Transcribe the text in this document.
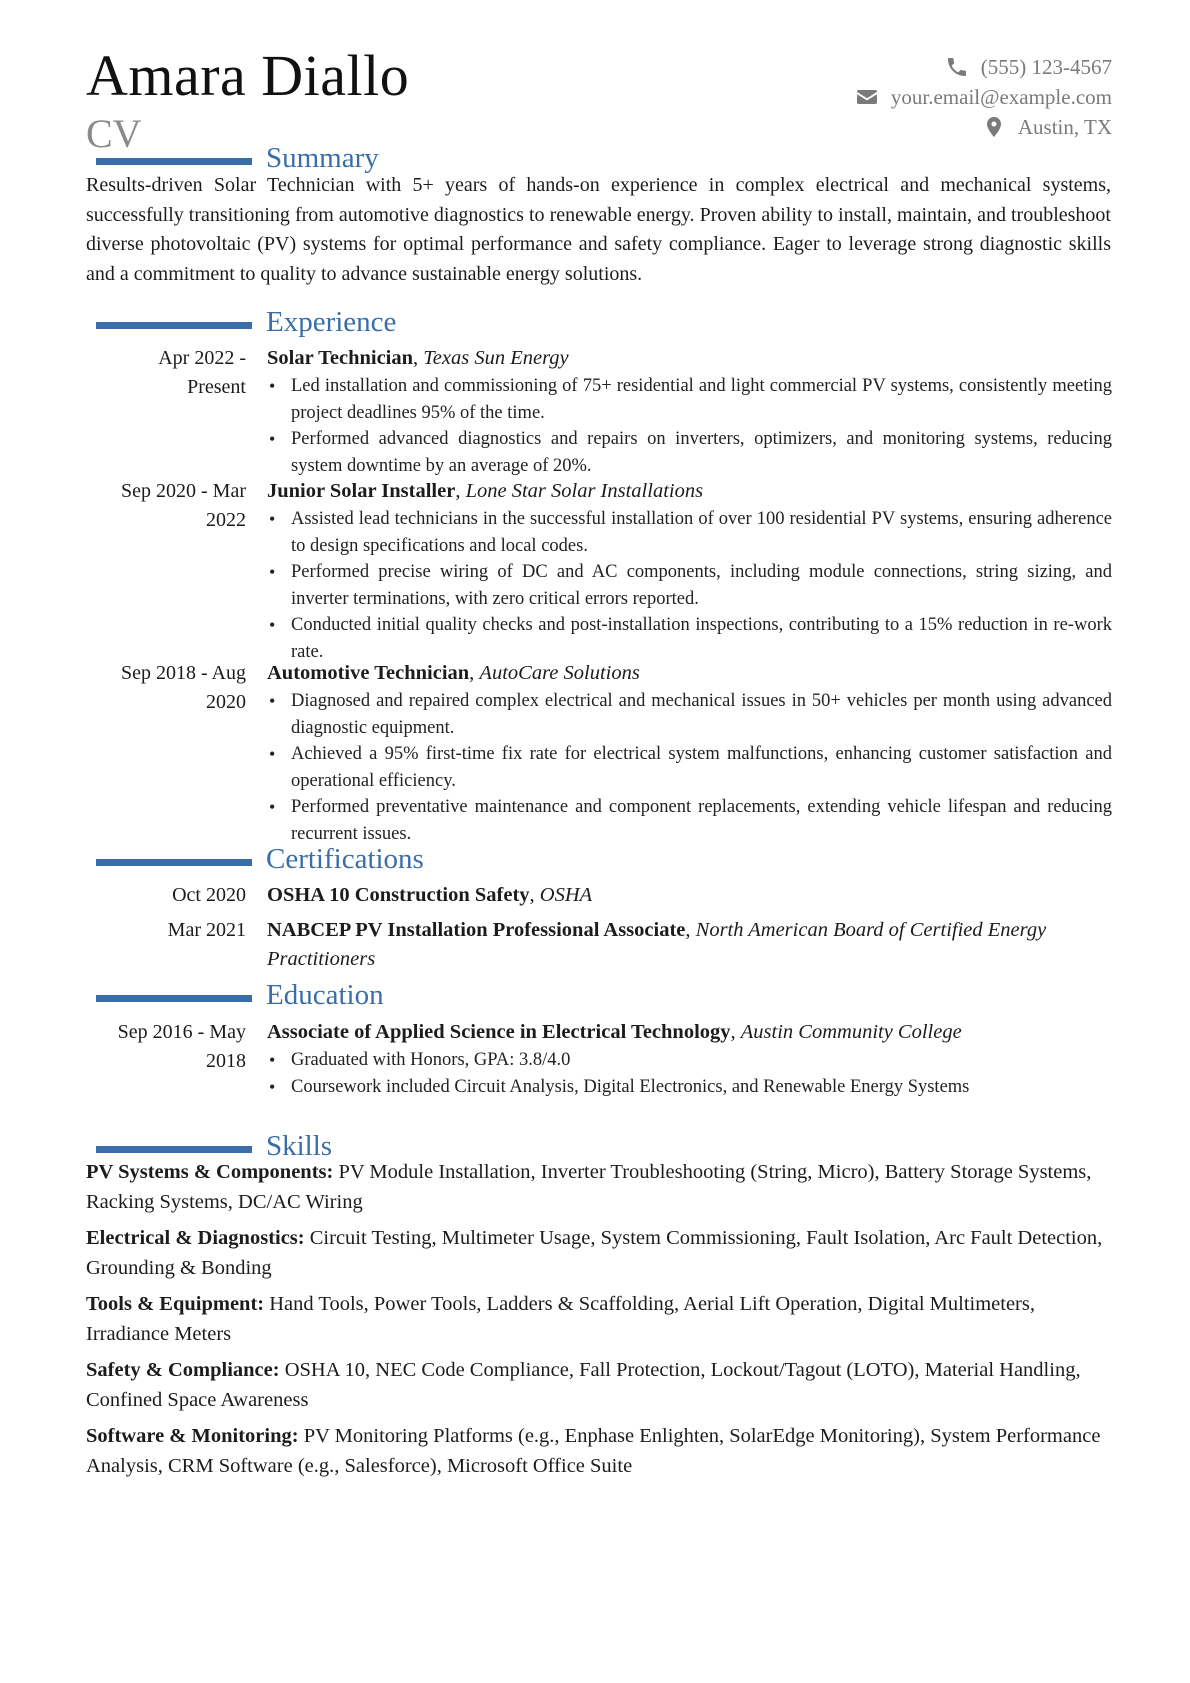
Amara Diallo
CV
(555) 123-4567
your.email@example.com
Austin, TX
Summary
Results-driven Solar Technician with 5+ years of hands-on experience in complex electrical and mechanical systems, successfully transitioning from automotive diagnostics to renewable energy. Proven ability to install, maintain, and troubleshoot diverse photovoltaic (PV) systems for optimal performance and safety compliance. Eager to leverage strong diagnostic skills and a commitment to quality to advance sustainable energy solutions.
Experience
Apr 2022 -
Present
Solar Technician, Texas Sun Energy
• Led installation and commissioning of 75+ residential and light commercial PV systems, consistently meeting project deadlines 95% of the time.
• Performed advanced diagnostics and repairs on inverters, optimizers, and monitoring systems, reducing system downtime by an average of 20%.
Sep 2020 - Mar
2022
Junior Solar Installer, Lone Star Solar Installations
• Assisted lead technicians in the successful installation of over 100 residential PV systems, ensuring adherence to design specifications and local codes.
• Performed precise wiring of DC and AC components, including module connections, string sizing, and inverter terminations, with zero critical errors reported.
• Conducted initial quality checks and post-installation inspections, contributing to a 15% reduction in re-work rate.
Sep 2018 - Aug
2020
Automotive Technician, AutoCare Solutions
• Diagnosed and repaired complex electrical and mechanical issues in 50+ vehicles per month using advanced diagnostic equipment.
• Achieved a 95% first-time fix rate for electrical system malfunctions, enhancing customer satisfaction and operational efficiency.
• Performed preventative maintenance and component replacements, extending vehicle lifespan and reducing recurrent issues.
Certifications
Oct 2020 OSHA 10 Construction Safety, OSHA
Mar 2021 NABCEP PV Installation Professional Associate, North American Board of Certified Energy Practitioners
Education
Sep 2016 - May
2018
Associate of Applied Science in Electrical Technology, Austin Community College
• Graduated with Honors, GPA: 3.8/4.0
• Coursework included Circuit Analysis, Digital Electronics, and Renewable Energy Systems
Skills
PV Systems & Components: PV Module Installation, Inverter Troubleshooting (String, Micro), Battery Storage Systems, Racking Systems, DC/AC Wiring
Electrical & Diagnostics: Circuit Testing, Multimeter Usage, System Commissioning, Fault Isolation, Arc Fault Detection, Grounding & Bonding
Tools & Equipment: Hand Tools, Power Tools, Ladders & Scaffolding, Aerial Lift Operation, Digital Multimeters, Irradiance Meters
Safety & Compliance: OSHA 10, NEC Code Compliance, Fall Protection, Lockout/Tagout (LOTO), Material Handling, Confined Space Awareness
Software & Monitoring: PV Monitoring Platforms (e.g., Enphase Enlighten, SolarEdge Monitoring), System Performance Analysis, CRM Software (e.g., Salesforce), Microsoft Office Suite
